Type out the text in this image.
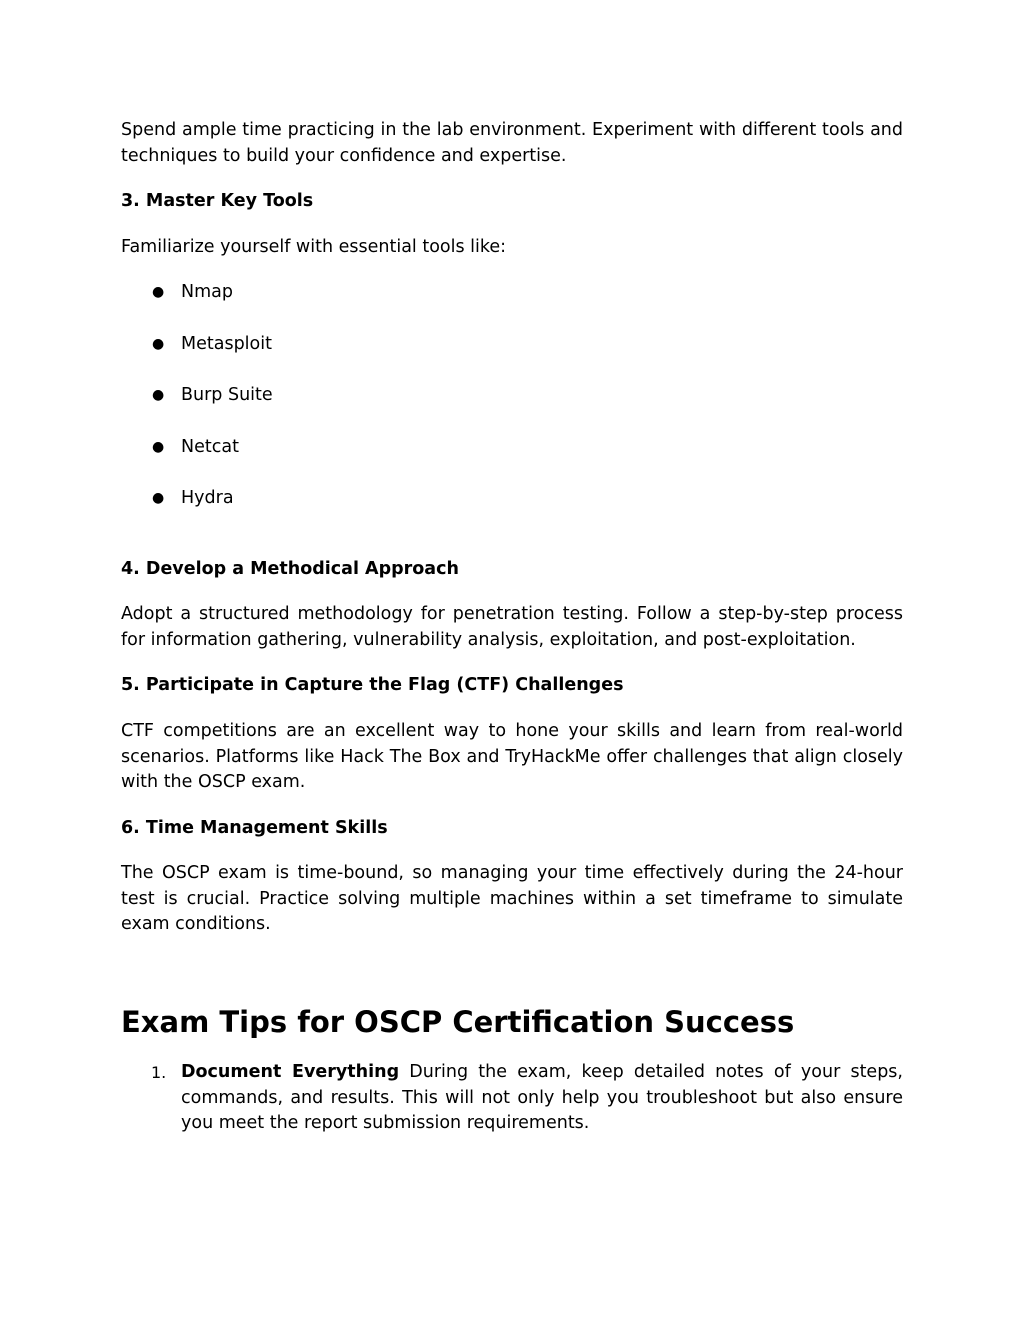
Spend ample time practicing in the lab environment. Experiment with different tools and techniques to build your confidence and expertise.

3. Master Key Tools

Familiarize yourself with essential tools like:

● Nmap
● Metasploit
● Burp Suite
● Netcat
● Hydra
4. Develop a Methodical Approach

Adopt a structured methodology for penetration testing. Follow a step-by-step process for information gathering, vulnerability analysis, exploitation, and post-exploitation.

5. Participate in Capture the Flag (CTF) Challenges

CTF competitions are an excellent way to hone your skills and learn from real-world scenarios. Platforms like Hack The Box and TryHackMe offer challenges that align closely with the OSCP exam.

6. Time Management Skills

The OSCP exam is time-bound, so managing your time effectively during the 24-hour test is crucial. Practice solving multiple machines within a set timeframe to simulate exam conditions.

Exam Tips for OSCP Certification Success
1. Document Everything During the exam, keep detailed notes of your steps, commands, and results. This will not only help you troubleshoot but also ensure you meet the report submission requirements.
